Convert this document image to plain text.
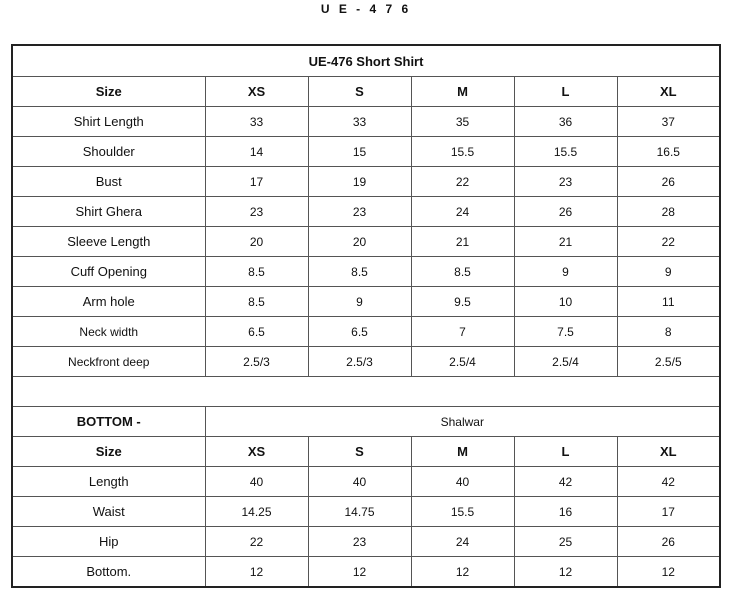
U E - 4 7 6
UE-476 Short Shirt					
Size	XS	S	M	L	XL
Shirt Length	33	33	35	36	37
Shoulder	14	15	15.5	15.5	16.5
Bust	17	19	22	23	26
Shirt Ghera	23	23	24	26	28
Sleeve Length	20	20	21	21	22
Cuff Opening	8.5	8.5	8.5	9	9
Arm hole	8.5	9	9.5	10	11
Neck width	6.5	6.5	7	7.5	8
Neckfront deep	2.5/3	2.5/3	2.5/4	2.5/4	2.5/5

BOTTOM -	Shalwar				
Size	XS	S	M	L	XL
Length	40	40	40	42	42
Waist	14.25	14.75	15.5	16	17
Hip	22	23	24	25	26
Bottom.	12	12	12	12	12
